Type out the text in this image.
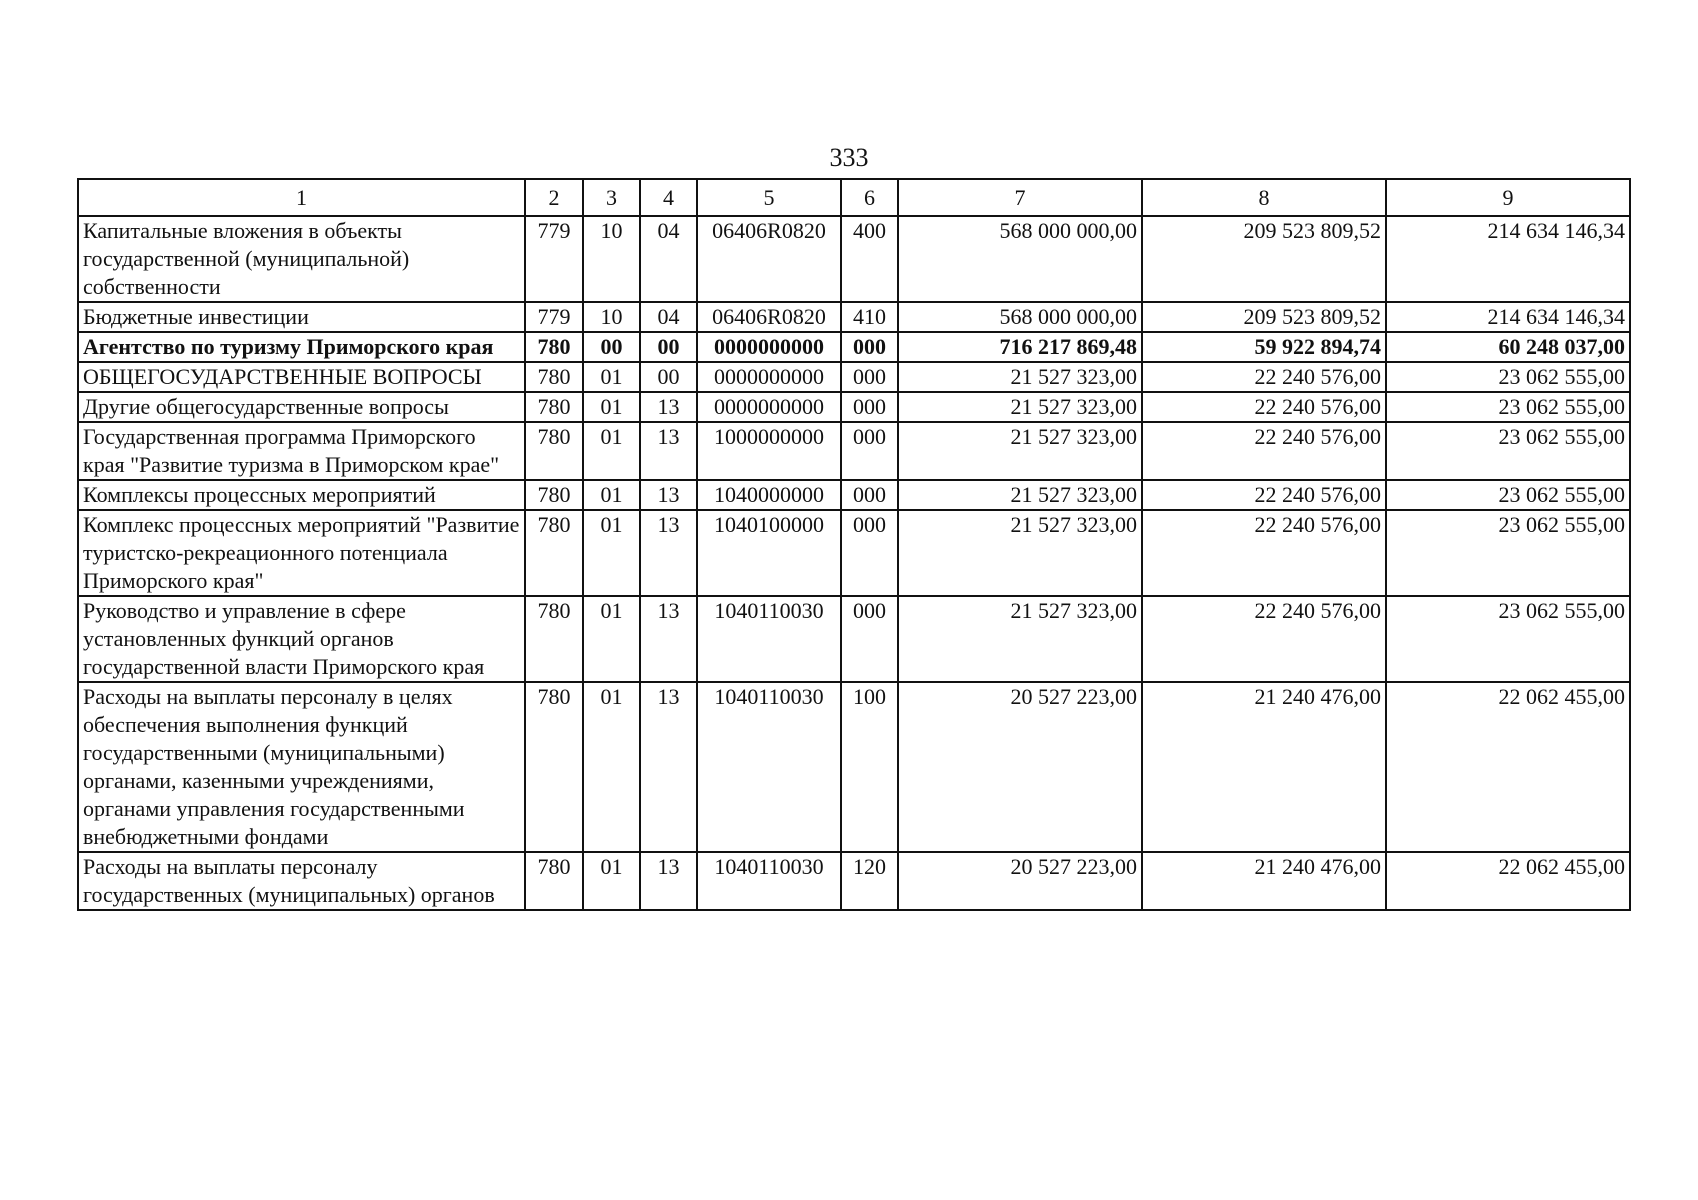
333
1	2	3	4	5	6	7	8	9
Капитальные вложения в объекты государственной (муниципальной) собственности	779	10	04	06406R0820	400	568 000 000,00	209 523 809,52	214 634 146,34
Бюджетные инвестиции	779	10	04	06406R0820	410	568 000 000,00	209 523 809,52	214 634 146,34
Агентство по туризму Приморского края	780	00	00	0000000000	000	716 217 869,48	59 922 894,74	60 248 037,00
ОБЩЕГОСУДАРСТВЕННЫЕ ВОПРОСЫ	780	01	00	0000000000	000	21 527 323,00	22 240 576,00	23 062 555,00
Другие общегосударственные вопросы	780	01	13	0000000000	000	21 527 323,00	22 240 576,00	23 062 555,00
Государственная программа Приморского края "Развитие туризма в Приморском крае"	780	01	13	1000000000	000	21 527 323,00	22 240 576,00	23 062 555,00
Комплексы процессных мероприятий	780	01	13	1040000000	000	21 527 323,00	22 240 576,00	23 062 555,00
Комплекс процессных мероприятий "Развитие туристско-рекреационного потенциала Приморского края"	780	01	13	1040100000	000	21 527 323,00	22 240 576,00	23 062 555,00
Руководство и управление в сфере установленных функций органов государственной власти Приморского края	780	01	13	1040110030	000	21 527 323,00	22 240 576,00	23 062 555,00
Расходы на выплаты персоналу в целях обеспечения выполнения функций государственными (муниципальными) органами, казенными учреждениями, органами управления государственными внебюджетными фондами	780	01	13	1040110030	100	20 527 223,00	21 240 476,00	22 062 455,00
Расходы на выплаты персоналу государственных (муниципальных) органов	780	01	13	1040110030	120	20 527 223,00	21 240 476,00	22 062 455,00
